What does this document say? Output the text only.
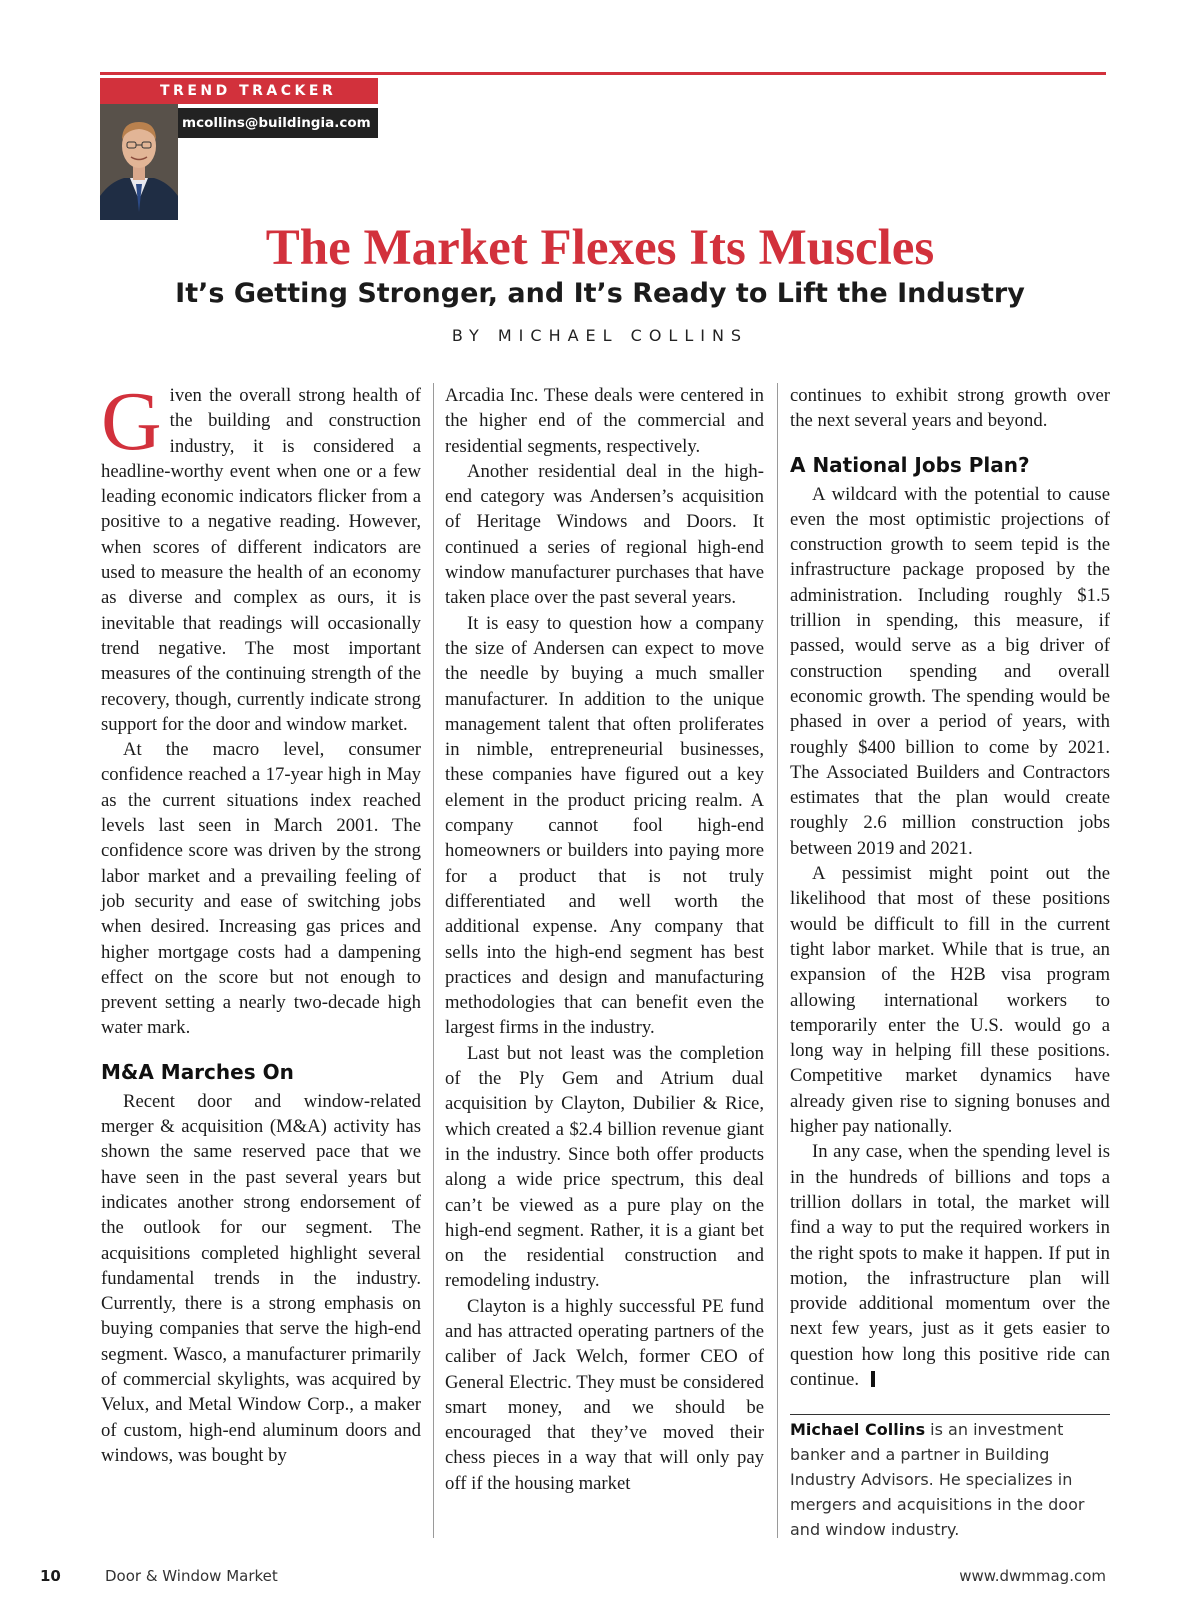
TREND TRACKER
mcollins@buildingia.com
The Market Flexes Its Muscles
It’s Getting Stronger, and It’s Ready to Lift the Industry
BY MICHAEL COLLINS

Given the overall strong health of the building and construction industry, it is considered a headline-worthy event when one or a few leading economic indicators flicker from a positive to a negative reading. However, when scores of different indicators are used to measure the health of an economy as diverse and complex as ours, it is inevitable that readings will occasionally trend negative. The most important measures of the continuing strength of the recovery, though, currently indicate strong support for the door and window market.

At the macro level, consumer confidence reached a 17-year high in May as the current situations index reached levels last seen in March 2001. The confidence score was driven by the strong labor market and a prevailing feeling of job security and ease of switching jobs when desired. Increasing gas prices and higher mortgage costs had a dampening effect on the score but not enough to prevent setting a nearly two-decade high water mark.

M&A Marches On

Recent door and window-related merger & acquisition (M&A) activity has shown the same reserved pace that we have seen in the past several years but indicates another strong endorsement of the outlook for our segment. The acquisitions completed highlight several fundamental trends in the industry. Currently, there is a strong emphasis on buying companies that serve the high-end segment. Wasco, a manufacturer primarily of commercial skylights, was acquired by Velux, and Metal Window Corp., a maker of custom, high-end aluminum doors and windows, was bought by

Arcadia Inc. These deals were centered in the higher end of the commercial and residential segments, respectively.

Another residential deal in the high-end category was Andersen’s acquisition of Heritage Windows and Doors. It continued a series of regional high-end window manufacturer purchases that have taken place over the past several years.

It is easy to question how a company the size of Andersen can expect to move the needle by buying a much smaller manufacturer. In addition to the unique management talent that often proliferates in nimble, entrepreneurial businesses, these companies have figured out a key element in the product pricing realm. A company cannot fool high-end homeowners or builders into paying more for a product that is not truly differentiated and well worth the additional expense. Any company that sells into the high-end segment has best practices and design and manufacturing methodologies that can benefit even the largest firms in the industry.

Last but not least was the completion of the Ply Gem and Atrium dual acquisition by Clayton, Dubilier & Rice, which created a $2.4 billion revenue giant in the industry. Since both offer products along a wide price spectrum, this deal can’t be viewed as a pure play on the high-end segment. Rather, it is a giant bet on the residential construction and remodeling industry.

Clayton is a highly successful PE fund and has attracted operating partners of the caliber of Jack Welch, former CEO of General Electric. They must be considered smart money, and we should be encouraged that they’ve moved their chess pieces in a way that will only pay off if the housing market

continues to exhibit strong growth over the next several years and beyond.

A National Jobs Plan?

A wildcard with the potential to cause even the most optimistic projections of construction growth to seem tepid is the infrastructure package proposed by the administration. Including roughly $1.5 trillion in spending, this measure, if passed, would serve as a big driver of construction spending and overall economic growth. The spending would be phased in over a period of years, with roughly $400 billion to come by 2021. The Associated Builders and Contractors estimates that the plan would create roughly 2.6 million construction jobs between 2019 and 2021.

A pessimist might point out the likelihood that most of these positions would be difficult to fill in the current tight labor market. While that is true, an expansion of the H2B visa program allowing international workers to temporarily enter the U.S. would go a long way in helping fill these positions. Competitive market dynamics have already given rise to signing bonuses and higher pay nationally.

In any case, when the spending level is in the hundreds of billions and tops a trillion dollars in total, the market will find a way to put the required workers in the right spots to make it happen. If put in motion, the infrastructure plan will provide additional momentum over the next few years, just as it gets easier to question how long this positive ride can continue.

Michael Collins is an investment banker and a partner in Building Industry Advisors. He specializes in mergers and acquisitions in the door and window industry.
10	Door & Window Market	www.dwmmag.com
